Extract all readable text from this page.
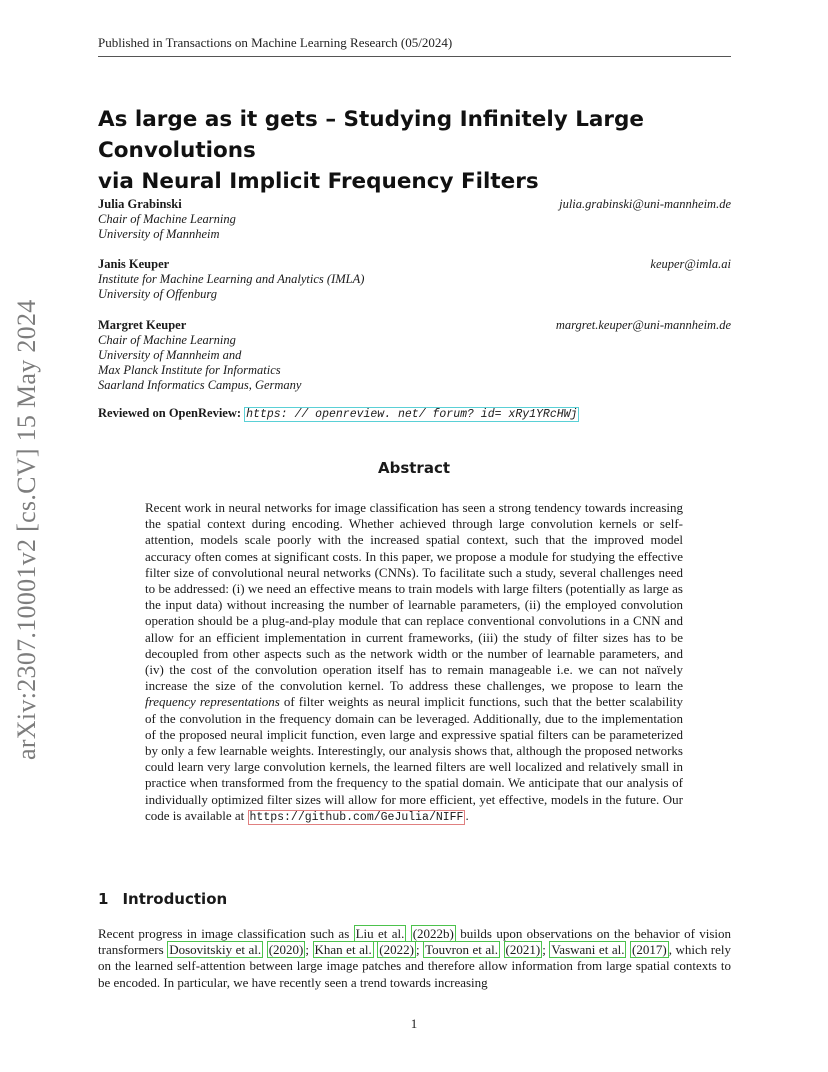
Published in Transactions on Machine Learning Research (05/2024)
arXiv:2307.10001v2 [cs.CV] 15 May 2024
As large as it gets – Studying Infinitely Large Convolutions
via Neural Implicit Frequency Filters
Julia Grabinski	julia.grabinski@uni-mannheim.de
Chair of Machine Learning
University of Mannheim
Janis Keuper	keuper@imla.ai
Institute for Machine Learning and Analytics (IMLA)
University of Offenburg
Margret Keuper	margret.keuper@uni-mannheim.de
Chair of Machine Learning
University of Mannheim and
Max Planck Institute for Informatics
Saarland Informatics Campus, Germany
Reviewed on OpenReview: https: // openreview. net/ forum? id= xRy1YRcHWj
Abstract
Recent work in neural networks for image classification has seen a strong tendency towards increasing the spatial context during encoding. Whether achieved through large convolution kernels or self-attention, models scale poorly with the increased spatial context, such that the improved model accuracy often comes at significant costs. In this paper, we propose a module for studying the effective filter size of convolutional neural networks (CNNs). To facilitate such a study, several challenges need to be addressed: (i) we need an effective means to train models with large filters (potentially as large as the input data) without increasing the number of learnable parameters, (ii) the employed convolution operation should be a plug-and-play module that can replace conventional convolutions in a CNN and allow for an efficient implementation in current frameworks, (iii) the study of filter sizes has to be decoupled from other aspects such as the network width or the number of learnable parameters, and (iv) the cost of the convolution operation itself has to remain manageable i.e. we can not naïvely increase the size of the convolution kernel. To address these challenges, we propose to learn the frequency representations of filter weights as neural implicit functions, such that the better scalability of the convolution in the frequency domain can be leveraged. Additionally, due to the implementation of the proposed neural implicit function, even large and expressive spatial filters can be parameterized by only a few learnable weights. Interestingly, our analysis shows that, although the proposed networks could learn very large convolution kernels, the learned filters are well localized and relatively small in practice when transformed from the frequency to the spatial domain. We anticipate that our analysis of individually optimized filter sizes will allow for more efficient, yet effective, models in the future. Our code is available at https://github.com/GeJulia/NIFF .
1 Introduction
Recent progress in image classification such as Liu et al. (2022b) builds upon observations on the behavior of vision transformers Dosovitskiy et al. (2020) ; Khan et al. (2022) ; Touvron et al. (2021) ; Vaswani et al. (2017) , which rely on the learned self-attention between large image patches and therefore allow information from large spatial contexts to be encoded. In particular, we have recently seen a trend towards increasing
1
